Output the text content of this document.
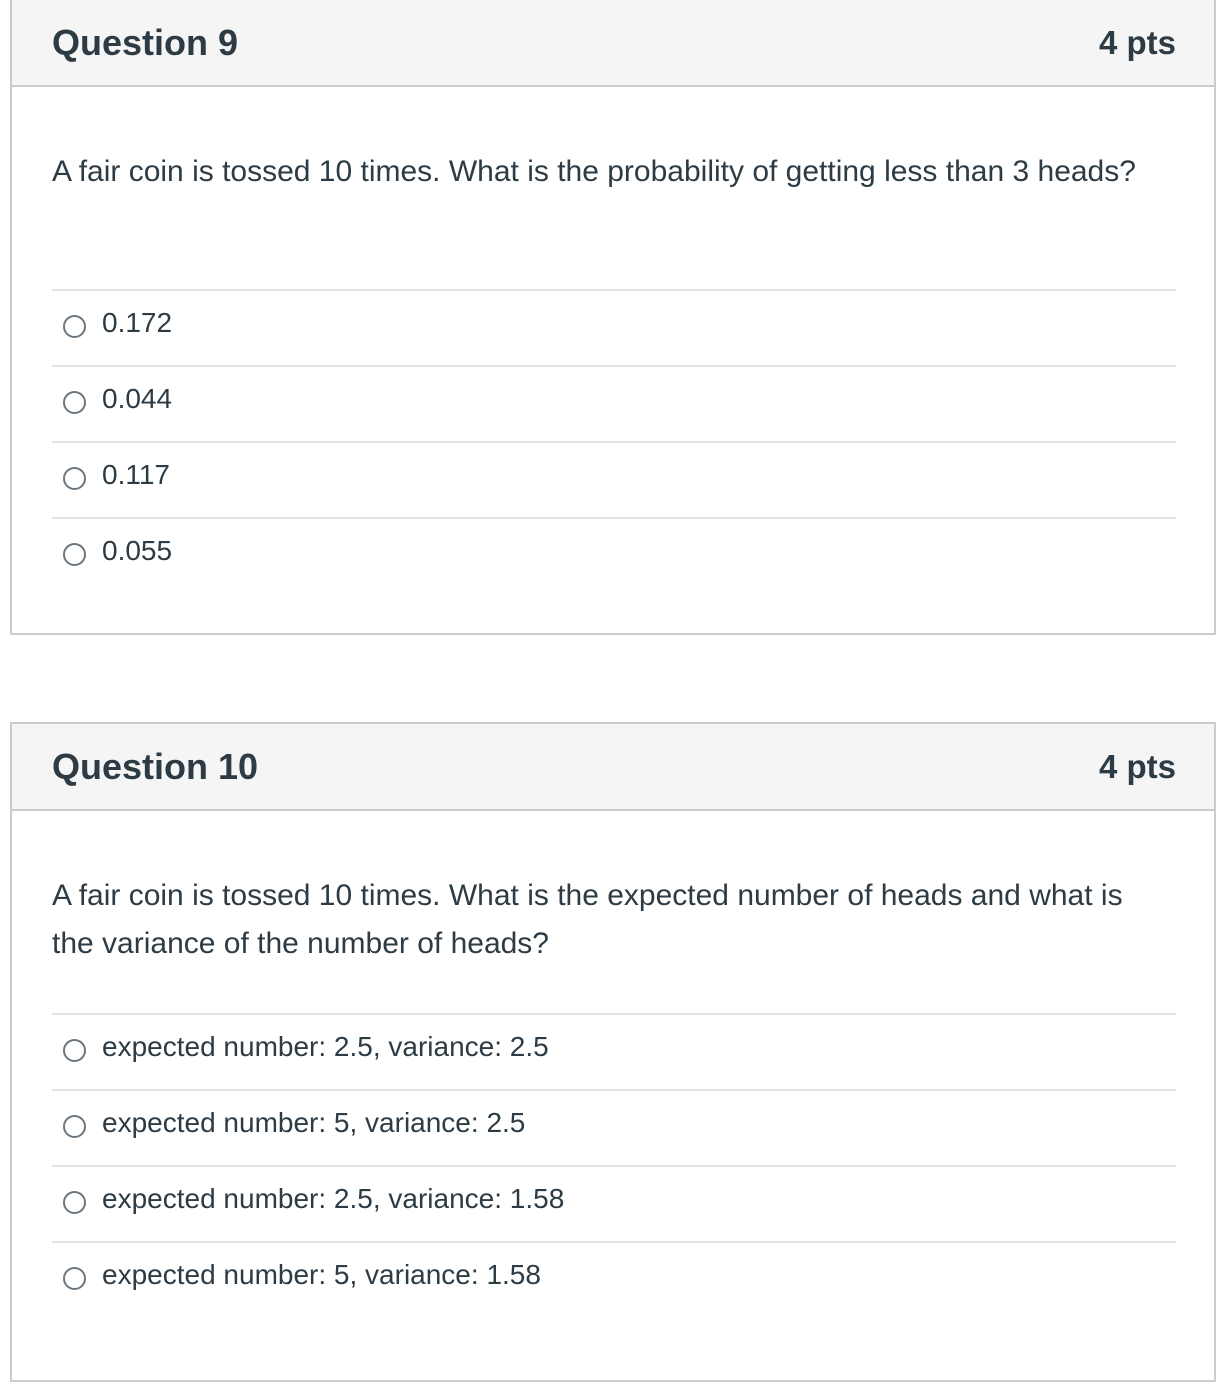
Question 9	4 pts
A fair coin is tossed 10 times. What is the probability of getting less than 3 heads?
0.172
0.044
0.117
0.055
Question 10	4 pts
A fair coin is tossed 10 times. What is the expected number of heads and what is the variance of the number of heads?
expected number: 2.5, variance: 2.5
expected number: 5, variance: 2.5
expected number: 2.5, variance: 1.58
expected number: 5, variance: 1.58
